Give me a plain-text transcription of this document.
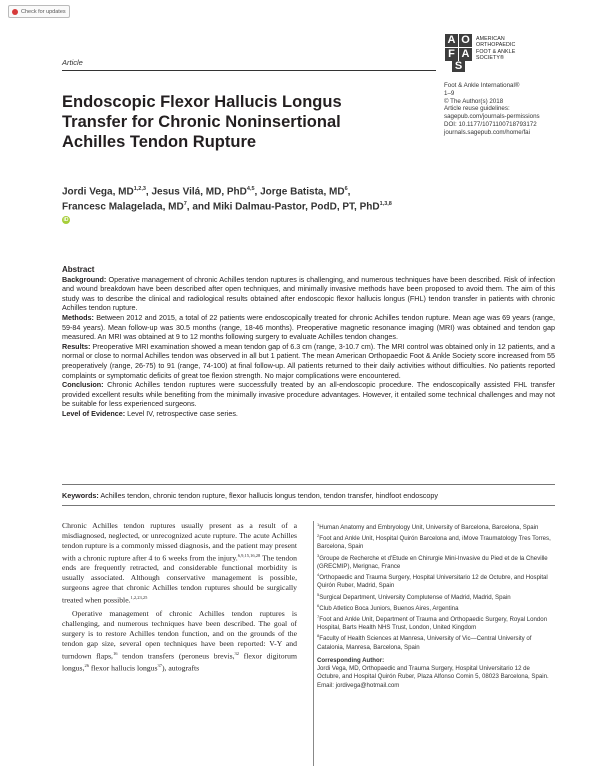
Check for updates
A O
F A
S
AMERICAN
ORTHOPAEDIC
FOOT & ANKLE
SOCIETY®
Article
Foot & Ankle International®
1–9
© The Author(s) 2018
Article reuse guidelines:
sagepub.com/journals-permissions
DOI: 10.1177/1071100718793172
journals.sagepub.com/home/fai
Endoscopic Flexor Hallucis Longus Transfer for Chronic Noninsertional Achilles Tendon Rupture
Jordi Vega, MD$^{1,2,3}$, Jesus Vilá, MD, PhD$^{4,5}$, Jorge Batista, $MD^6$,
Francesc Malagelada, $MD^7$, and Miki Dalmau-Pastor, PodD, PT, PhD$^{1,3,8}$ iD

Abstract

Background: Operative management of chronic Achilles tendon ruptures is challenging, and numerous techniques have been described. Risk of infection and wound breakdown have been described after open techniques, and minimally invasive methods have been proposed to avoid them. The aim of this study was to describe the clinical and radiological results obtained after endoscopic flexor hallucis longus (FHL) tendon transfer in patients with chronic Achilles tendon rupture.

Methods: Between 2012 and 2015, a total of 22 patients were endoscopically treated for chronic Achilles tendon rupture. Mean age was 69 years (range, 59-84 years). Mean follow-up was 30.5 months (range, 18-46 months). Preoperative magnetic resonance imaging (MRI) was obtained and tendon gap measured. An MRI was obtained at 9 to 12 months following surgery to evaluate Achilles tendon changes.

Results: Preoperative MRI examination showed a mean tendon gap of 6.3 cm (range, 3-10.7 cm). The MRI control was obtained only in 12 patients, and a normal or close to normal Achilles tendon was observed in all but 1 patient. The mean American Orthopaedic Foot & Ankle Society score increased from 55 preoperatively (range, 26-75) to 91 (range, 74-100) at final follow-up. All patients returned to their daily activities without difficulties. No patients reported complaints or symptomatic deficits of great toe flexion strength. No major complications were encountered.

Conclusion: Chronic Achilles tendon ruptures were successfully treated by an all-endoscopic procedure. The endoscopically assisted FHL transfer provided excellent results while benefiting from the minimally invasive procedure advantages. However, it entailed some technical challenges and may not be suitable for less experienced surgeons.

Level of Evidence: Level IV, retrospective case series.

Keywords: Achilles tendon, chronic tendon rupture, flexor hallucis longus tendon, tendon transfer, hindfoot endoscopy

Chronic Achilles tendon ruptures usually present as a result of a misdiagnosed, neglected, or unrecognized acute rupture. The acute Achilles tendon rupture is a commonly missed diagnosis, and the patient may present with a chronic rupture after 4 to 6 weeks from the injury.$^{6,9,15,16,28}$ The tendon ends are frequently retracted, and considerable functional morbidity is usually associated. Although conservative management is possible, surgeons agree that chronic Achilles tendon ruptures should be surgically treated when possible.$^{1,2,23,25}$

Operative management of chronic Achilles tendon ruptures is challenging, and numerous techniques have been described. The goal of surgery is to restore Achilles tendon function, and on the grounds of the tendon gap size, several open techniques have been reported: V-Y and turndown flaps,$^{16}$ tendon transfers (peroneus brevis,$^{32}$ flexor digitorum longus,$^{26}$ flexor hallucis longus$^{37}$), autografts

$^1$Human Anatomy and Embryology Unit, University of Barcelona, Barcelona, Spain
$^2$Foot and Ankle Unit, Hospital Quirón Barcelona and, iMove Traumatology Tres Torres, Barcelona, Spain
$^3$Groupe de Recherche et d'Etude en Chirurgie Mini-Invasive du Pied et de la Cheville (GRECMIP), Merignac, France
$^4$Orthopaedic and Trauma Surgery, Hospital Universitario 12 de Octubre, and Hospital Quirón Ruber, Madrid, Spain
$^5$Surgical Department, University Complutense of Madrid, Madrid, Spain
$^6$Club Atletico Boca Juniors, Buenos Aires, Argentina
$^7$Foot and Ankle Unit, Department of Trauma and Orthopaedic Surgery, Royal London Hospital, Barts Health NHS Trust, London, United Kingdom
$^8$Faculty of Health Sciences at Manresa, University of Vic—Central University of Catalonia, Manresa, Barcelona, Spain
Corresponding Author:
Jordi Vega, MD, Orthopaedic and Trauma Surgery, Hospital Universitario 12 de Octubre, and Hospital Quirón Ruber, Plaza Alfonso Comin 5, 08023 Barcelona, Spain.
Email: jordivega@hotmail.com
